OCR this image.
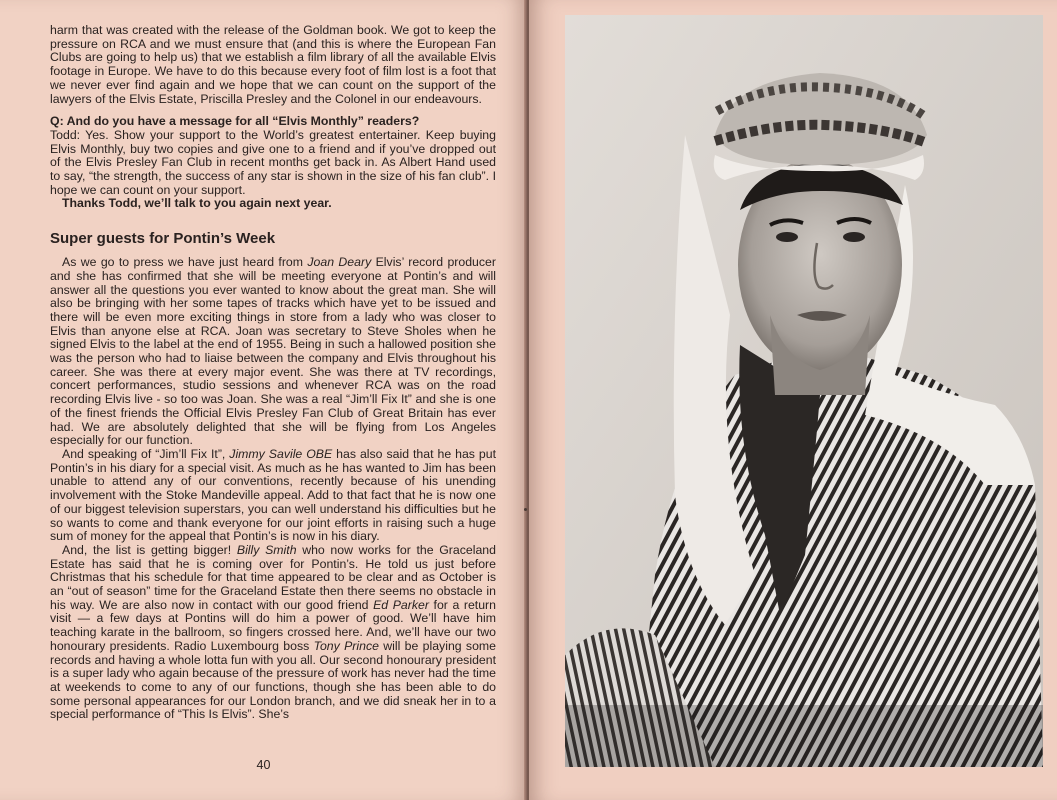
harm that was created with the release of the Goldman book. We got to keep the pressure on RCA and we must ensure that (and this is where the European Fan Clubs are going to help us) that we establish a film library of all the available Elvis footage in Europe. We have to do this because every foot of film lost is a foot that we never ever find again and we hope that we can count on the support of the lawyers of the Elvis Estate, Priscilla Presley and the Colonel in our endeavours.

Q: And do you have a message for all “Elvis Monthly” readers?

Todd: Yes. Show your support to the World’s greatest entertainer. Keep buying Elvis Monthly, buy two copies and give one to a friend and if you’ve dropped out of the Elvis Presley Fan Club in recent months get back in. As Albert Hand used to say, “the strength, the success of any star is shown in the size of his fan club”. I hope we can count on your support.

Thanks Todd, we’ll talk to you again next year.

Super guests for Pontin’s Week

As we go to press we have just heard from Joan Deary Elvis’ record producer and she has confirmed that she will be meeting everyone at Pontin’s and will answer all the questions you ever wanted to know about the great man. She will also be bringing with her some tapes of tracks which have yet to be issued and there will be even more exciting things in store from a lady who was closer to Elvis than anyone else at RCA. Joan was secretary to Steve Sholes when he signed Elvis to the label at the end of 1955. Being in such a hallowed position she was the person who had to liaise between the company and Elvis throughout his career. She was there at every major event. She was there at TV recordings, concert performances, studio sessions and whenever RCA was on the road recording Elvis live - so too was Joan. She was a real “Jim’ll Fix It” and she is one of the finest friends the Official Elvis Presley Fan Club of Great Britain has ever had. We are absolutely delighted that she will be flying from Los Angeles especially for our function.

And speaking of “Jim’ll Fix It”, Jimmy Savile OBE has also said that he has put Pontin’s in his diary for a special visit. As much as he has wanted to Jim has been unable to attend any of our conventions, recently because of his unending involvement with the Stoke Mandeville appeal. Add to that fact that he is now one of our biggest television superstars, you can well understand his difficulties but he so wants to come and thank everyone for our joint efforts in raising such a huge sum of money for the appeal that Pontin’s is now in his diary.

And, the list is getting bigger! Billy Smith who now works for the Graceland Estate has said that he is coming over for Pontin’s. He told us just before Christmas that his schedule for that time appeared to be clear and as October is an “out of season” time for the Graceland Estate then there seems no obstacle in his way. We are also now in contact with our good friend Ed Parker for a return visit — a few days at Pontins will do him a power of good. We’ll have him teaching karate in the ballroom, so fingers crossed here. And, we’ll have our two honourary presidents. Radio Luxembourg boss Tony Prince will be playing some records and having a whole lotta fun with you all. Our second honourary president is a super lady who again because of the pressure of work has never had the time at weekends to come to any of our functions, though she has been able to do some personal appearances for our London branch, and we did sneak her in to a special performance of “This Is Elvis”. She’s

40
